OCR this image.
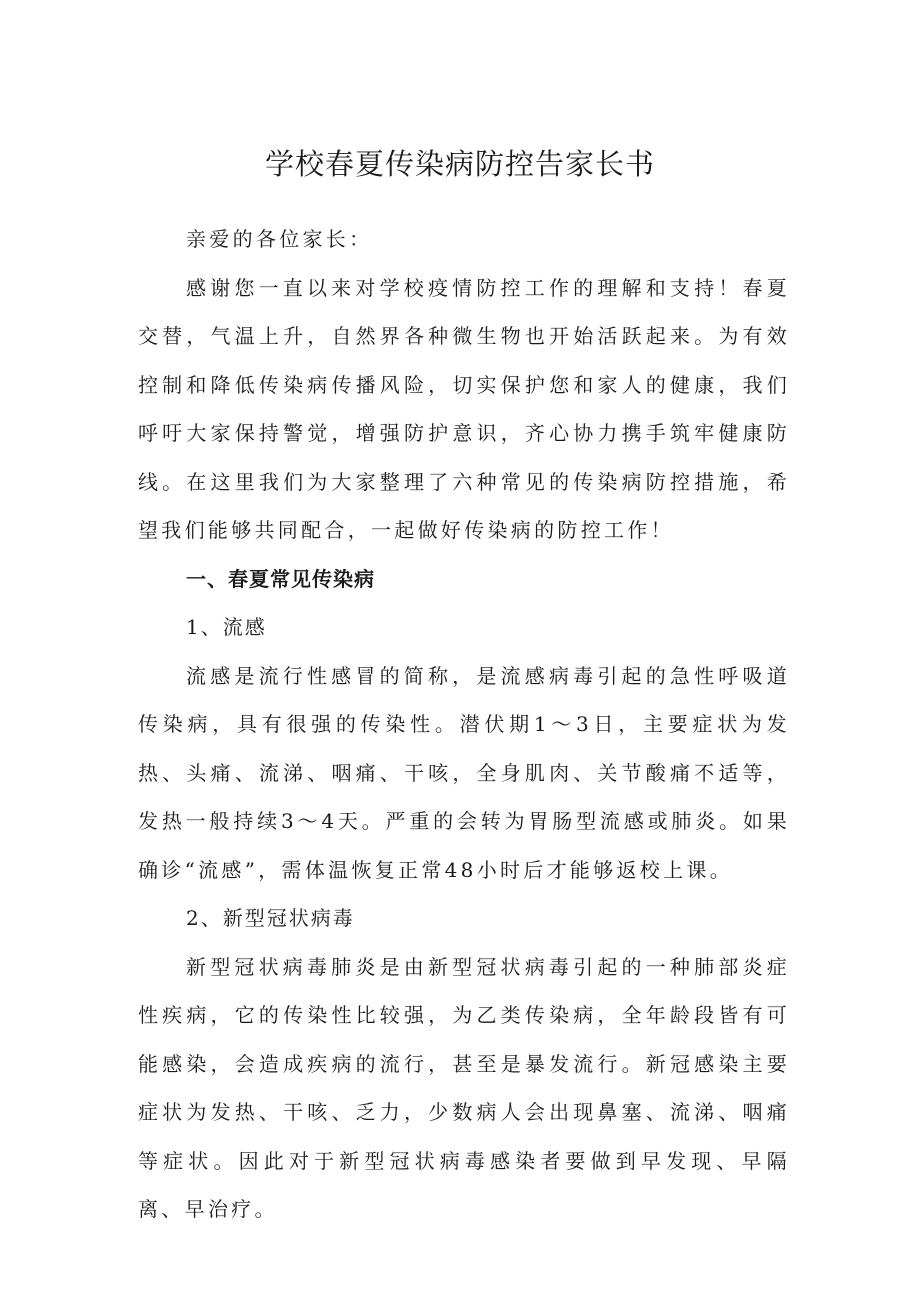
学校春夏传染病防控告家长书

亲爱的各位家长：

感谢您一直以来对学校疫情防控工作的理解和支持！春夏交替，气温上升，自然界各种微生物也开始活跃起来。为有效控制和降低传染病传播风险，切实保护您和家人的健康，我们呼吁大家保持警觉，增强防护意识，齐心协力携手筑牢健康防线。在这里我们为大家整理了六种常见的传染病防控措施，希望我们能够共同配合，一起做好传染病的防控工作！

一、春夏常见传染病

1、流感

流感是流行性感冒的简称，是流感病毒引起的急性呼吸道传染病，具有很强的传染性。潜伏期1～3日，主要症状为发热、头痛、流涕、咽痛、干咳，全身肌肉、关节酸痛不适等，发热一般持续3～4天。严重的会转为胃肠型流感或肺炎。如果确诊“流感”，需体温恢复正常48小时后才能够返校上课。

2、新型冠状病毒

新型冠状病毒肺炎是由新型冠状病毒引起的一种肺部炎症性疾病，它的传染性比较强，为乙类传染病，全年龄段皆有可能感染，会造成疾病的流行，甚至是暴发流行。新冠感染主要症状为发热、干咳、乏力，少数病人会出现鼻塞、流涕、咽痛等症状。因此对于新型冠状病毒感染者要做到早发现、早隔离、早治疗。
